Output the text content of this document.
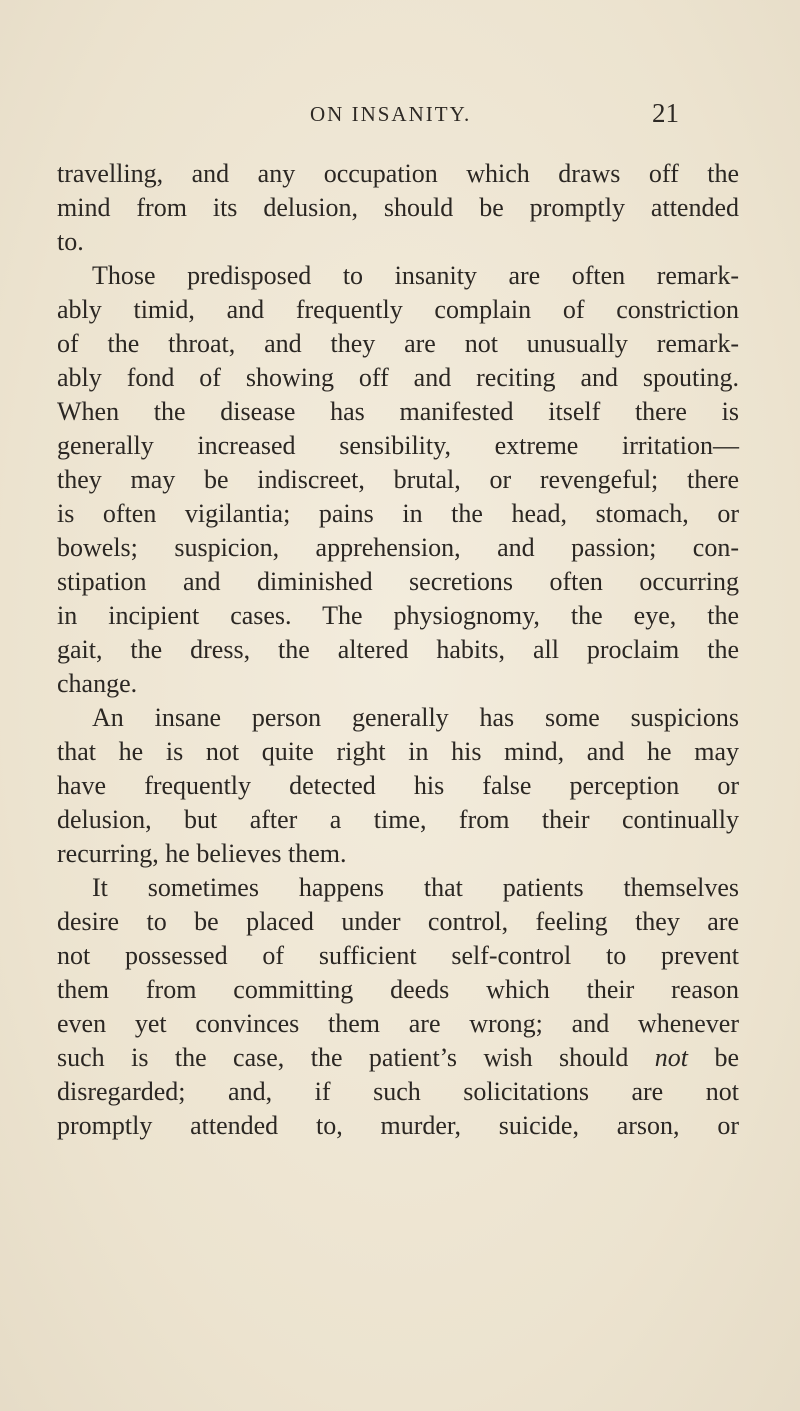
ON INSANITY.	21
travelling, and any occupation which draws off the
mind from its delusion, should be promptly attended
to.
Those predisposed to insanity are often remark-
ably timid, and frequently complain of constriction
of the throat, and they are not unusually remark-
ably fond of showing off and reciting and spouting.
When the disease has manifested itself there is
generally increased sensibility, extreme irritation—
they may be indiscreet, brutal, or revengeful; there
is often vigilantia; pains in the head, stomach, or
bowels; suspicion, apprehension, and passion; con-
stipation and diminished secretions often occurring
in incipient cases. The physiognomy, the eye, the
gait, the dress, the altered habits, all proclaim the
change.
An insane person generally has some suspicions
that he is not quite right in his mind, and he may
have frequently detected his false perception or
delusion, but after a time, from their continually
recurring, he believes them.
It sometimes happens that patients themselves
desire to be placed under control, feeling they are
not possessed of sufficient self-control to prevent
them from committing deeds which their reason
even yet convinces them are wrong; and whenever
such is the case, the patient’s wish should not be
disregarded; and, if such solicitations are not
promptly attended to, murder, suicide, arson, or
